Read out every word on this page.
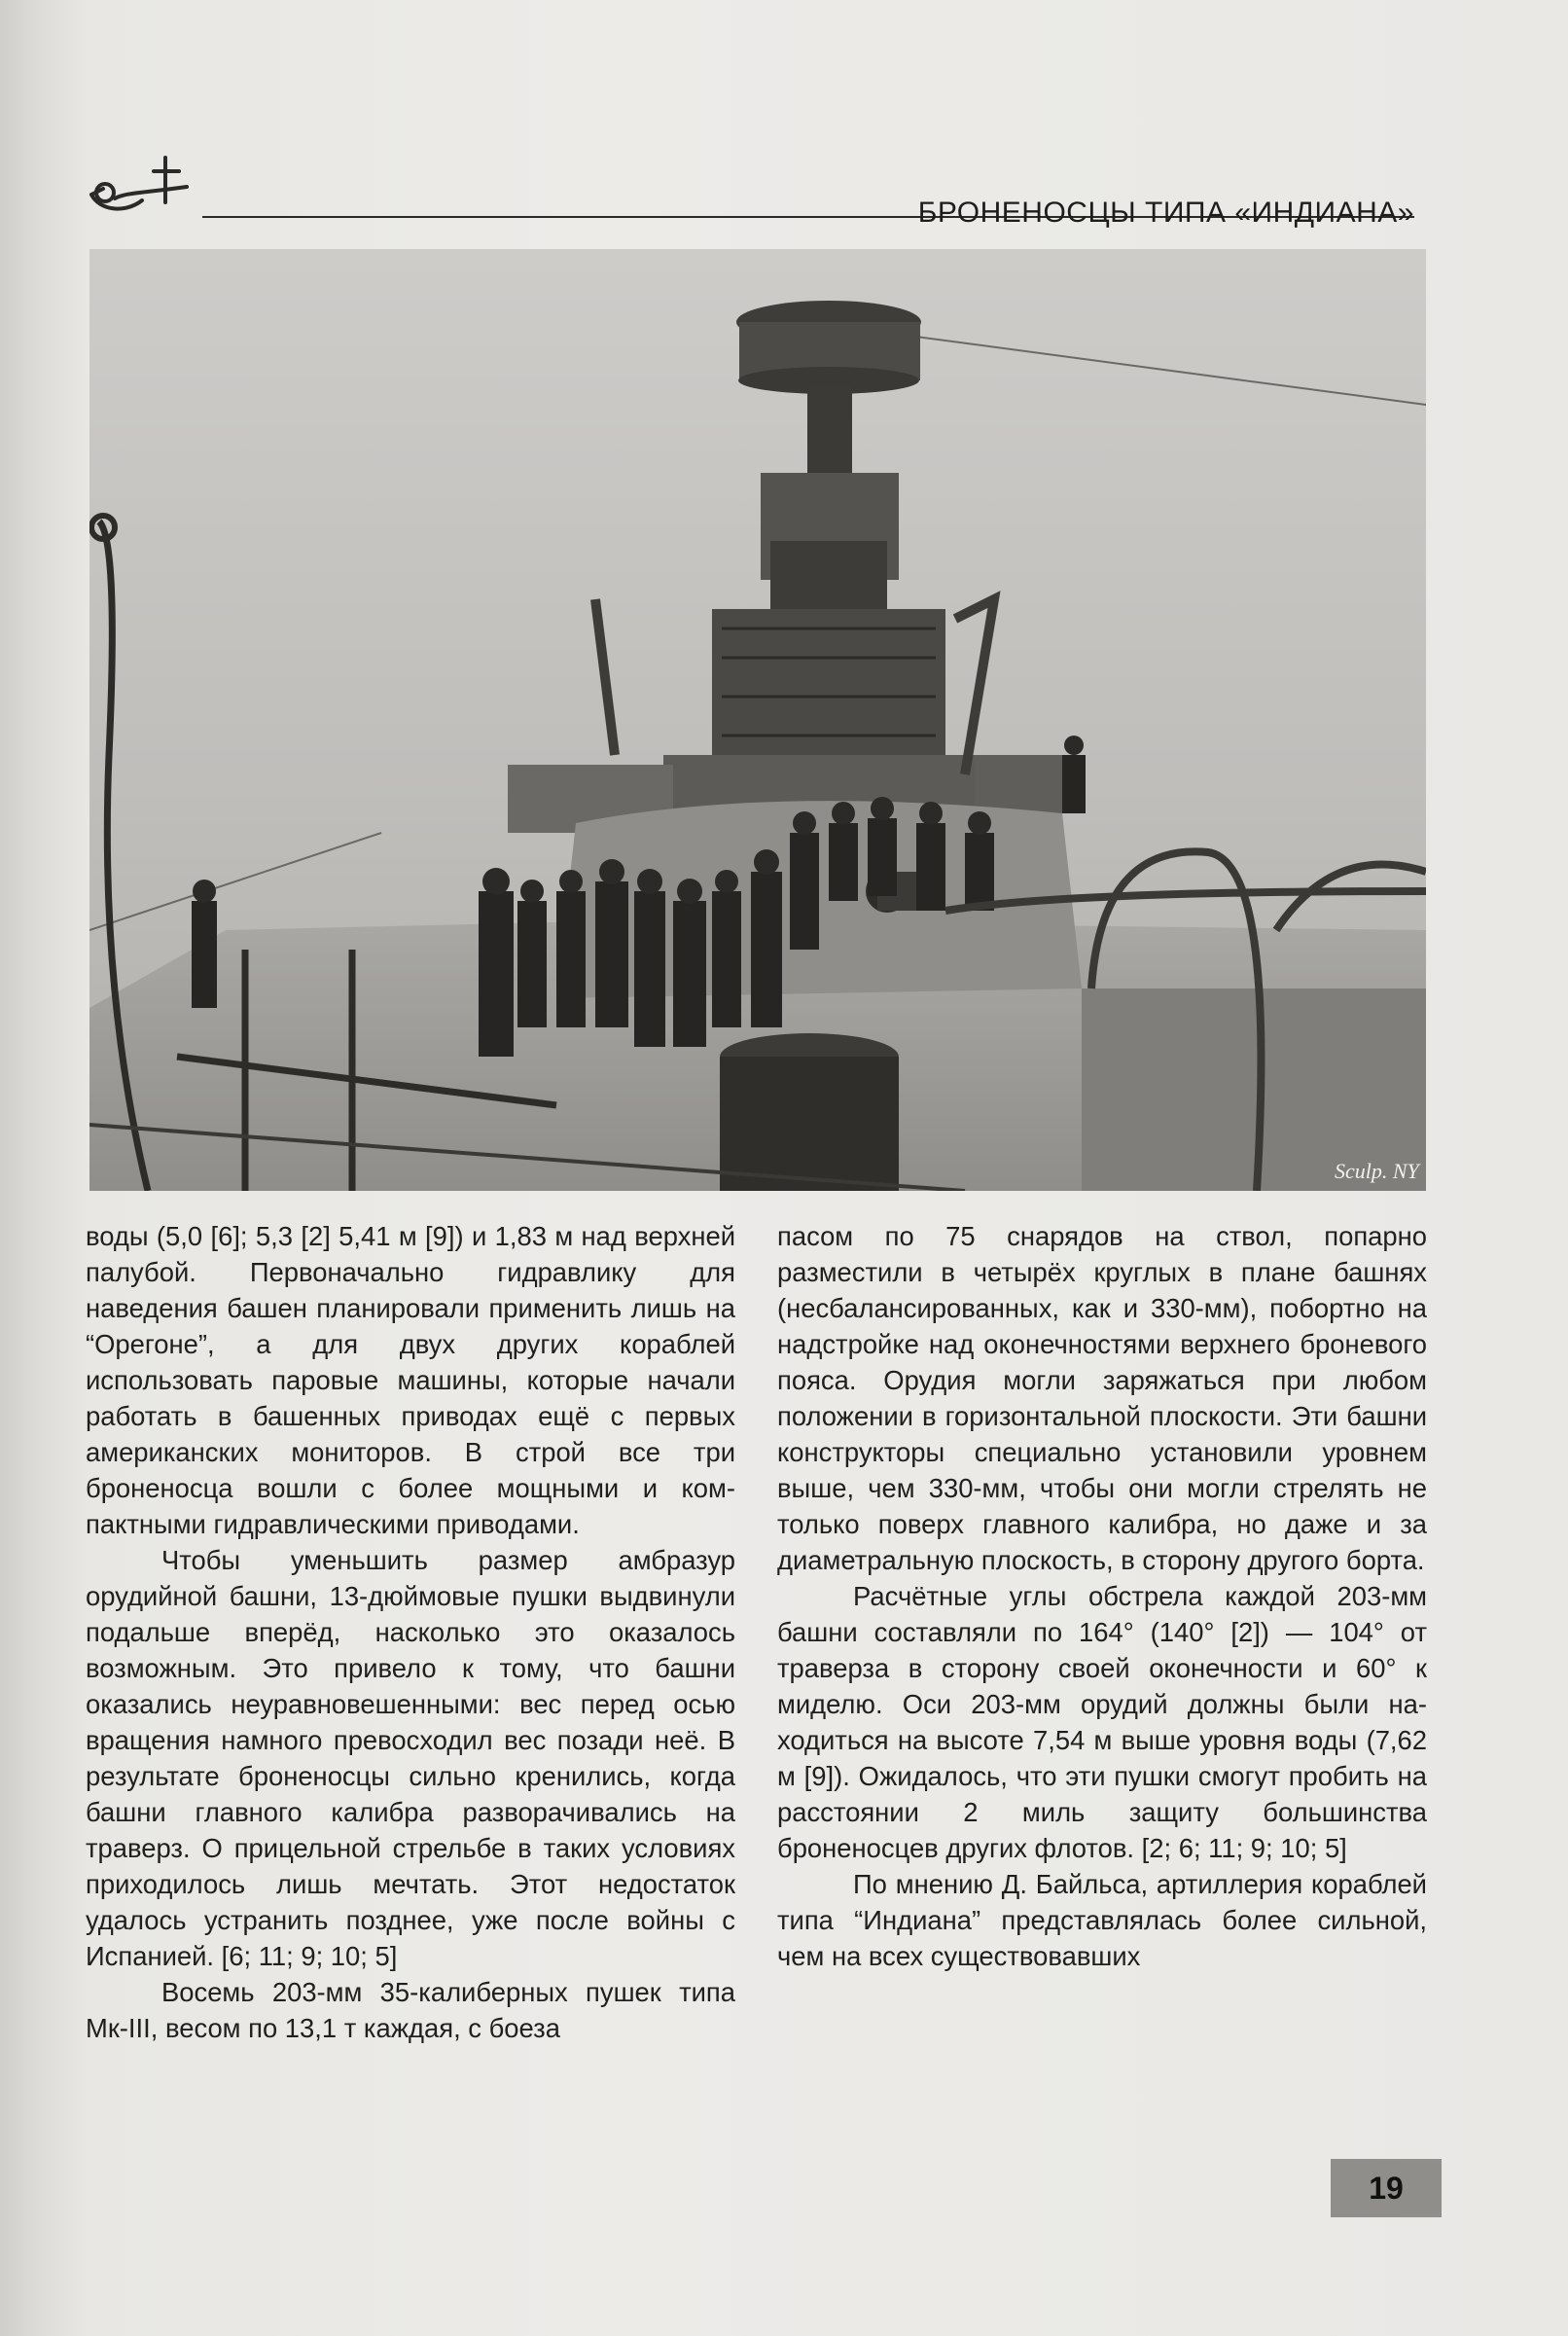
БРОНЕНОСЦЫ ТИПА «ИНДИАНА»
Sculp. NY

воды (5,0 [6]; 5,3 [2] 5,41 м [9]) и 1,83 м над верхней палубой. Первоначально гидравлику для наведения башен планировали применить лишь на “Орегоне”, а для двух других кораблей использовать паровые машины, которые начали работать в башенных приводах ещё с первых американских мониторов. В строй все три броненосца вошли с более мощными и компактными гидравлическими приводами.

Чтобы уменьшить размер амбразур орудийной башни, 13-дюймовые пушки выдвинули подальше вперёд, насколько это оказалось возможным. Это привело к тому, что башни оказались неуравновешенными: вес перед осью вращения намного превосходил вес позади неё. В результате броненосцы сильно кренились, когда башни главного калибра разворачивались на траверз. О прицельной стрельбе в таких условиях приходилось лишь мечтать. Этот недостаток удалось устранить позднее, уже после войны с Испанией. [6; 11; 9; 10; 5]

Восемь 203-мм 35-калиберных пушек типа Мк-III, весом по 13,1 т каждая, с боеза

пасом по 75 снарядов на ствол, попарно разместили в четырёх круглых в плане башнях (несбалансированных, как и 330-мм), побортно на надстройке над оконечностями верхнего броневого пояса. Орудия могли заряжаться при любом положении в горизонтальной плоскости. Эти башни конструкторы специально установили уровнем выше, чем 330-мм, чтобы они могли стрелять не только поверх главного калибра, но даже и за диаметральную плоскость, в сторону другого борта.

Расчётные углы обстрела каждой 203-мм башни составляли по 164° (140° [2]) — 104° от траверза в сторону своей оконечности и 60° к миделю. Оси 203-мм орудий должны были находиться на высоте 7,54 м выше уровня воды (7,62 м [9]). Ожидалось, что эти пушки смогут пробить на расстоянии 2 миль защиту большинства броненосцев других флотов. [2; 6; 11; 9; 10; 5]

По мнению Д. Байльса, артиллерия кораблей типа “Индиана” представлялась более сильной, чем на всех существовавших

19
